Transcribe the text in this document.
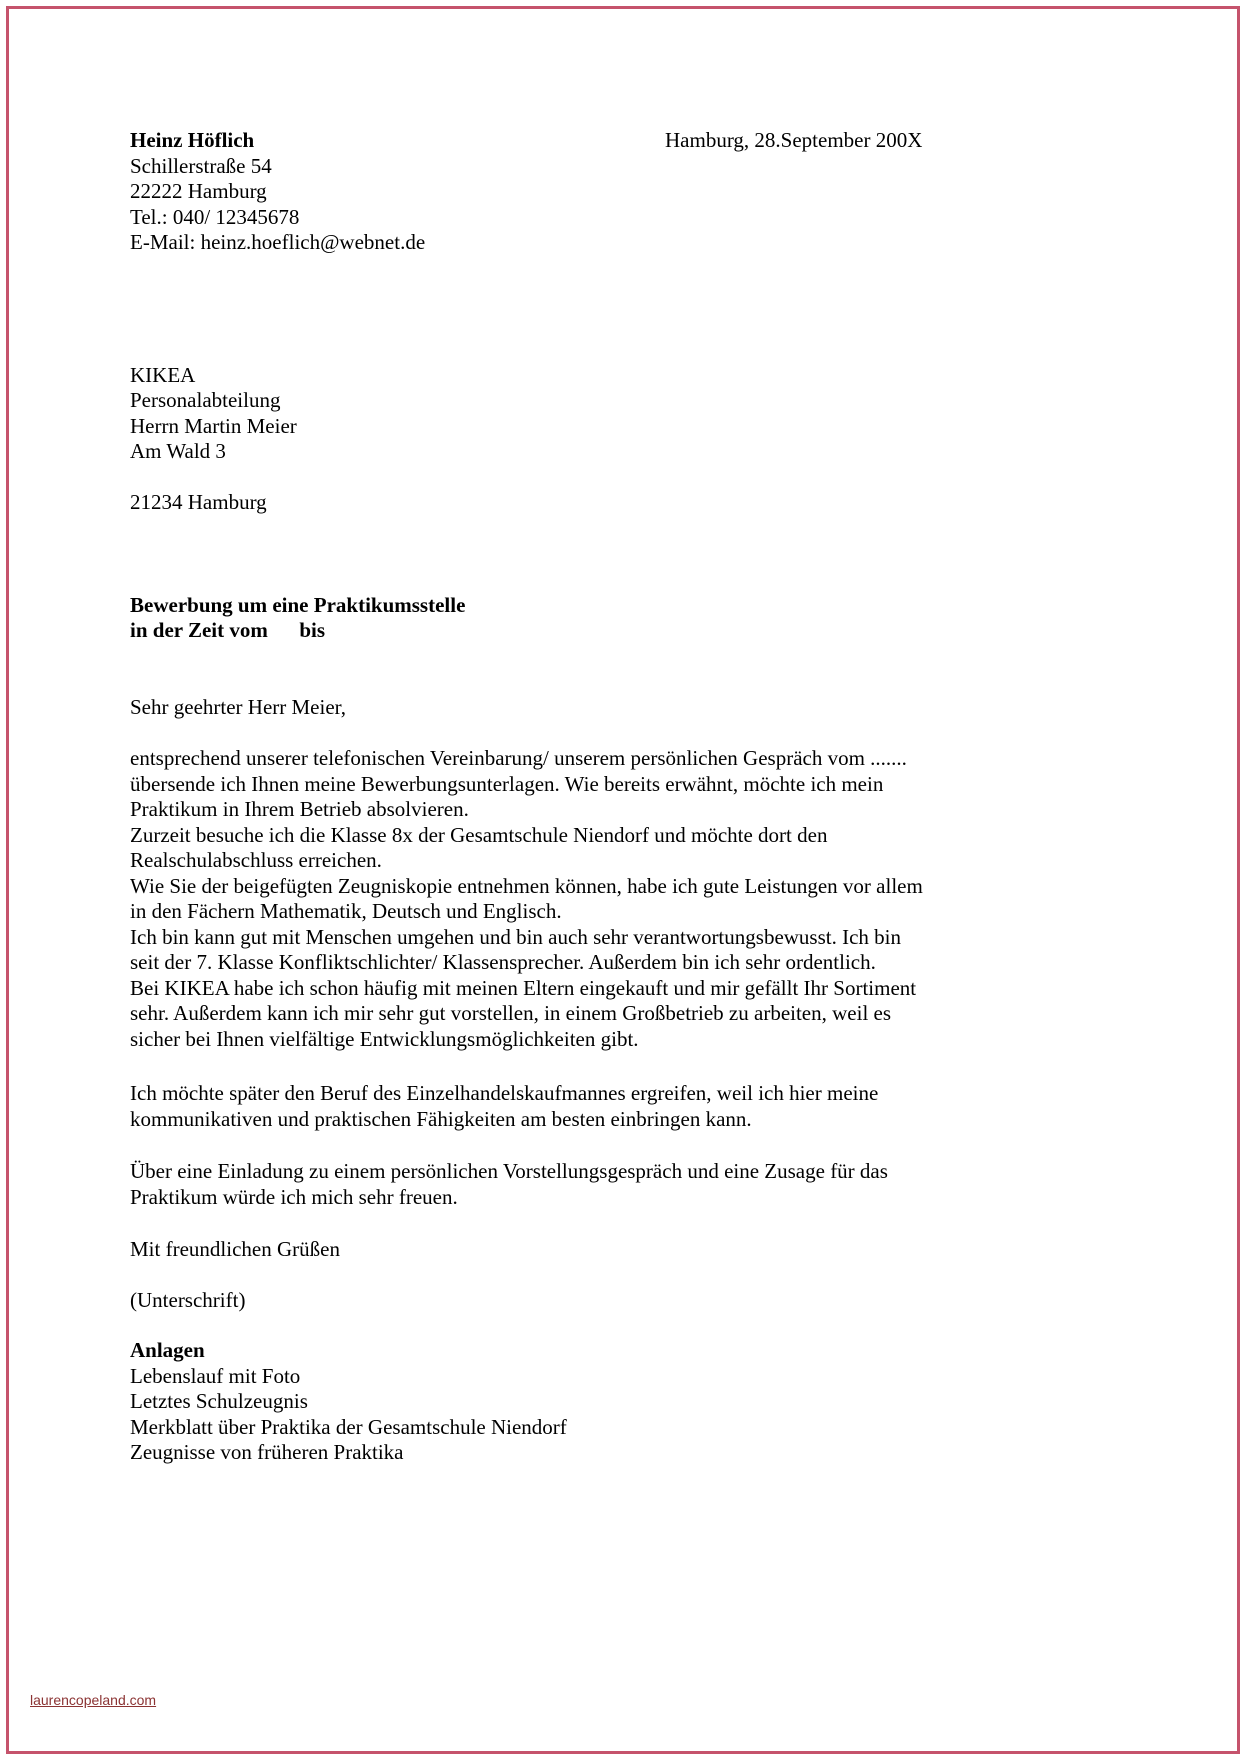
Heinz Höflich
Schillerstraße 54
22222 Hamburg
Tel.: 040/ 12345678
E-Mail: heinz.hoeflich@webnet.de
Hamburg, 28.September 200X
KIKEA
Personalabteilung
Herrn Martin Meier
Am Wald 3
21234 Hamburg
Bewerbung um eine Praktikumsstelle
in der Zeit vom      bis
Sehr geehrter Herr Meier,
entsprechend unserer telefonischen Vereinbarung/ unserem persönlichen Gespräch vom .......
übersende ich Ihnen meine Bewerbungsunterlagen. Wie bereits erwähnt, möchte ich mein
Praktikum in Ihrem Betrieb absolvieren.
Zurzeit besuche ich die Klasse 8x der Gesamtschule Niendorf und möchte dort den
Realschulabschluss erreichen.
Wie Sie der beigefügten Zeugniskopie entnehmen können, habe ich gute Leistungen vor allem
in den Fächern Mathematik, Deutsch und Englisch.
Ich bin kann gut mit Menschen umgehen und bin auch sehr verantwortungsbewusst. Ich bin
seit der 7. Klasse Konfliktschlichter/ Klassensprecher. Außerdem bin ich sehr ordentlich.
Bei KIKEA habe ich schon häufig mit meinen Eltern eingekauft und mir gefällt Ihr Sortiment
sehr. Außerdem kann ich mir sehr gut vorstellen, in einem Großbetrieb zu arbeiten, weil es
sicher bei Ihnen vielfältige Entwicklungsmöglichkeiten gibt.
Ich möchte später den Beruf des Einzelhandelskaufmannes ergreifen, weil ich hier meine
kommunikativen und praktischen Fähigkeiten am besten einbringen kann.
Über eine Einladung zu einem persönlichen Vorstellungsgespräch und eine Zusage für das
Praktikum würde ich mich sehr freuen.
Mit freundlichen Grüßen
(Unterschrift)
Anlagen
Lebenslauf mit Foto
Letztes Schulzeugnis
Merkblatt über Praktika der Gesamtschule Niendorf
Zeugnisse von früheren Praktika
laurencopeland.com
